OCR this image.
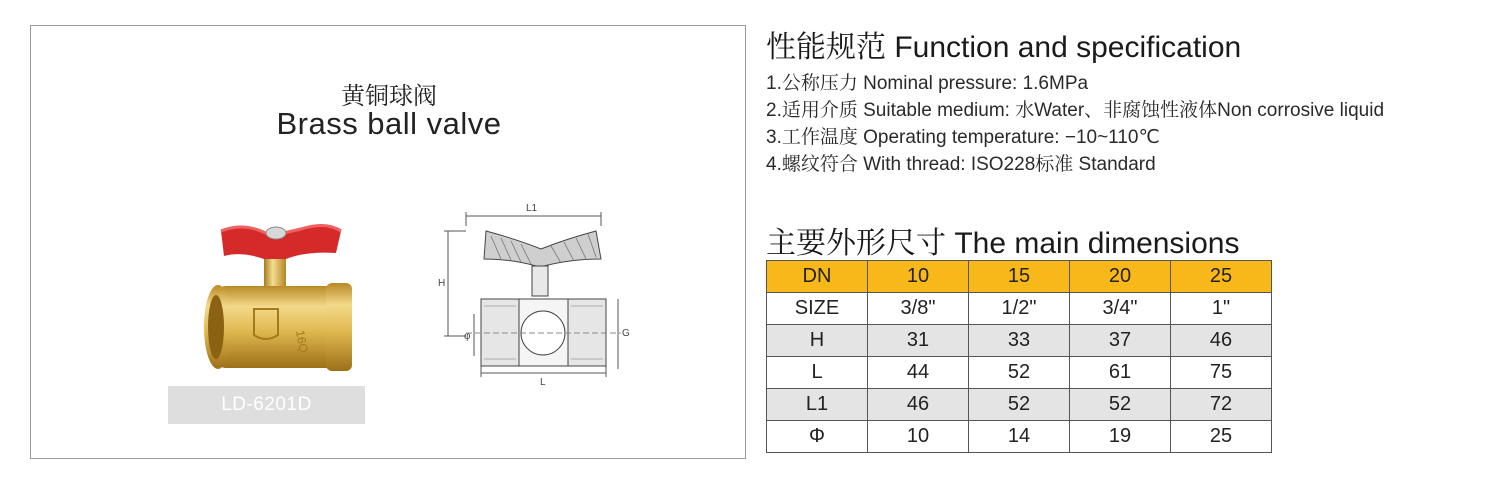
黄铜球阀
Brass ball valve
16Q
L1
H
φ
L
G
LD-6201D
性能规范 Function and specification
1.公称压力 Nominal pressure: 1.6MPa
2.适用介质 Suitable medium: 水Water、非腐蚀性液体Non corrosive liquid
3.工作温度 Operating temperature: −10~110℃
4.螺纹符合 With thread: ISO228标准 Standard
主要外形尺寸 The main dimensions
DN	10	15	20	25
SIZE	3/8"	1/2"	3/4"	1"
H	31	33	37	46
L	44	52	61	75
L1	46	52	52	72
Φ	10	14	19	25
